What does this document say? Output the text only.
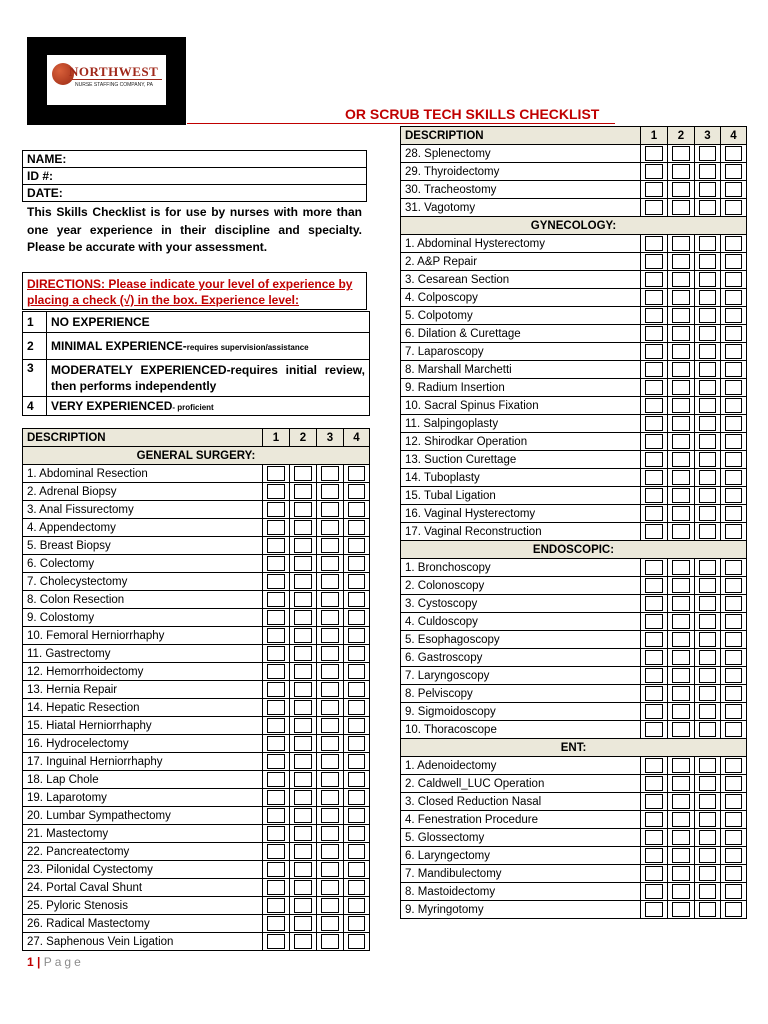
NORTHWEST
NURSE STAFFING COMPANY, PA
OR SCRUB TECH SKILLS CHECKLIST
NAME:
ID #:
DATE:
This Skills Checklist is for use by nurses with more than one year experience in their discipline and specialty. Please be accurate with your assessment.
DIRECTIONS: Please indicate your level of experience by placing a check (√) in the box. Experience level:
1	NO EXPERIENCE
2	MINIMAL EXPERIENCE-requires supervision/assistance
3	MODERATELY EXPERIENCED-requires initial review, then performs independently
4	VERY EXPERIENCED- proficient
DESCRIPTION	1	2	3	4
GENERAL SURGERY:				
1. Abdominal Resection	

2. Adrenal Biopsy	

3. Anal Fissurectomy	

4. Appendectomy	

5. Breast Biopsy	

6. Colectomy	

7. Cholecystectomy	

8. Colon Resection	

9. Colostomy	

10. Femoral Herniorrhaphy	

11. Gastrectomy	

12. Hemorrhoidectomy	

13. Hernia Repair	

14. Hepatic Resection	

15. Hiatal Herniorrhaphy	

16. Hydrocelectomy	

17. Inguinal Herniorrhaphy	

18. Lap Chole	

19. Laparotomy	

20. Lumbar Sympathectomy	

21. Mastectomy	

22. Pancreatectomy	

23. Pilonidal Cystectomy	

24. Portal Caval Shunt	

25. Pyloric Stenosis	

26. Radical Mastectomy	

27. Saphenous Vein Ligation	

DESCRIPTION	1	2	3	4
28. Splenectomy	

29. Thyroidectomy	

30. Tracheostomy	

31. Vagotomy	

GYNECOLOGY:				
1. Abdominal Hysterectomy	

2. A&P Repair	

3. Cesarean Section	

4. Colposcopy	

5. Colpotomy	

6. Dilation & Curettage	

7. Laparoscopy	

8. Marshall Marchetti	

9. Radium Insertion	

10. Sacral Spinus Fixation	

11. Salpingoplasty	

12. Shirodkar Operation	

13. Suction Curettage	

14. Tuboplasty	

15. Tubal Ligation	

16. Vaginal Hysterectomy	

17. Vaginal Reconstruction	

ENDOSCOPIC:				
1. Bronchoscopy	

2. Colonoscopy	

3. Cystoscopy	

4. Culdoscopy	

5. Esophagoscopy	

6. Gastroscopy	

7. Laryngoscopy	

8. Pelviscopy	

9. Sigmoidoscopy	

10. Thoracoscope	

ENT:				
1. Adenoidectomy	

2. Caldwell_LUC Operation	

3. Closed Reduction Nasal	

4. Fenestration Procedure	

5. Glossectomy	

6. Laryngectomy	

7. Mandibulectomy	

8. Mastoidectomy	

9. Myringotomy	

1 | Page
